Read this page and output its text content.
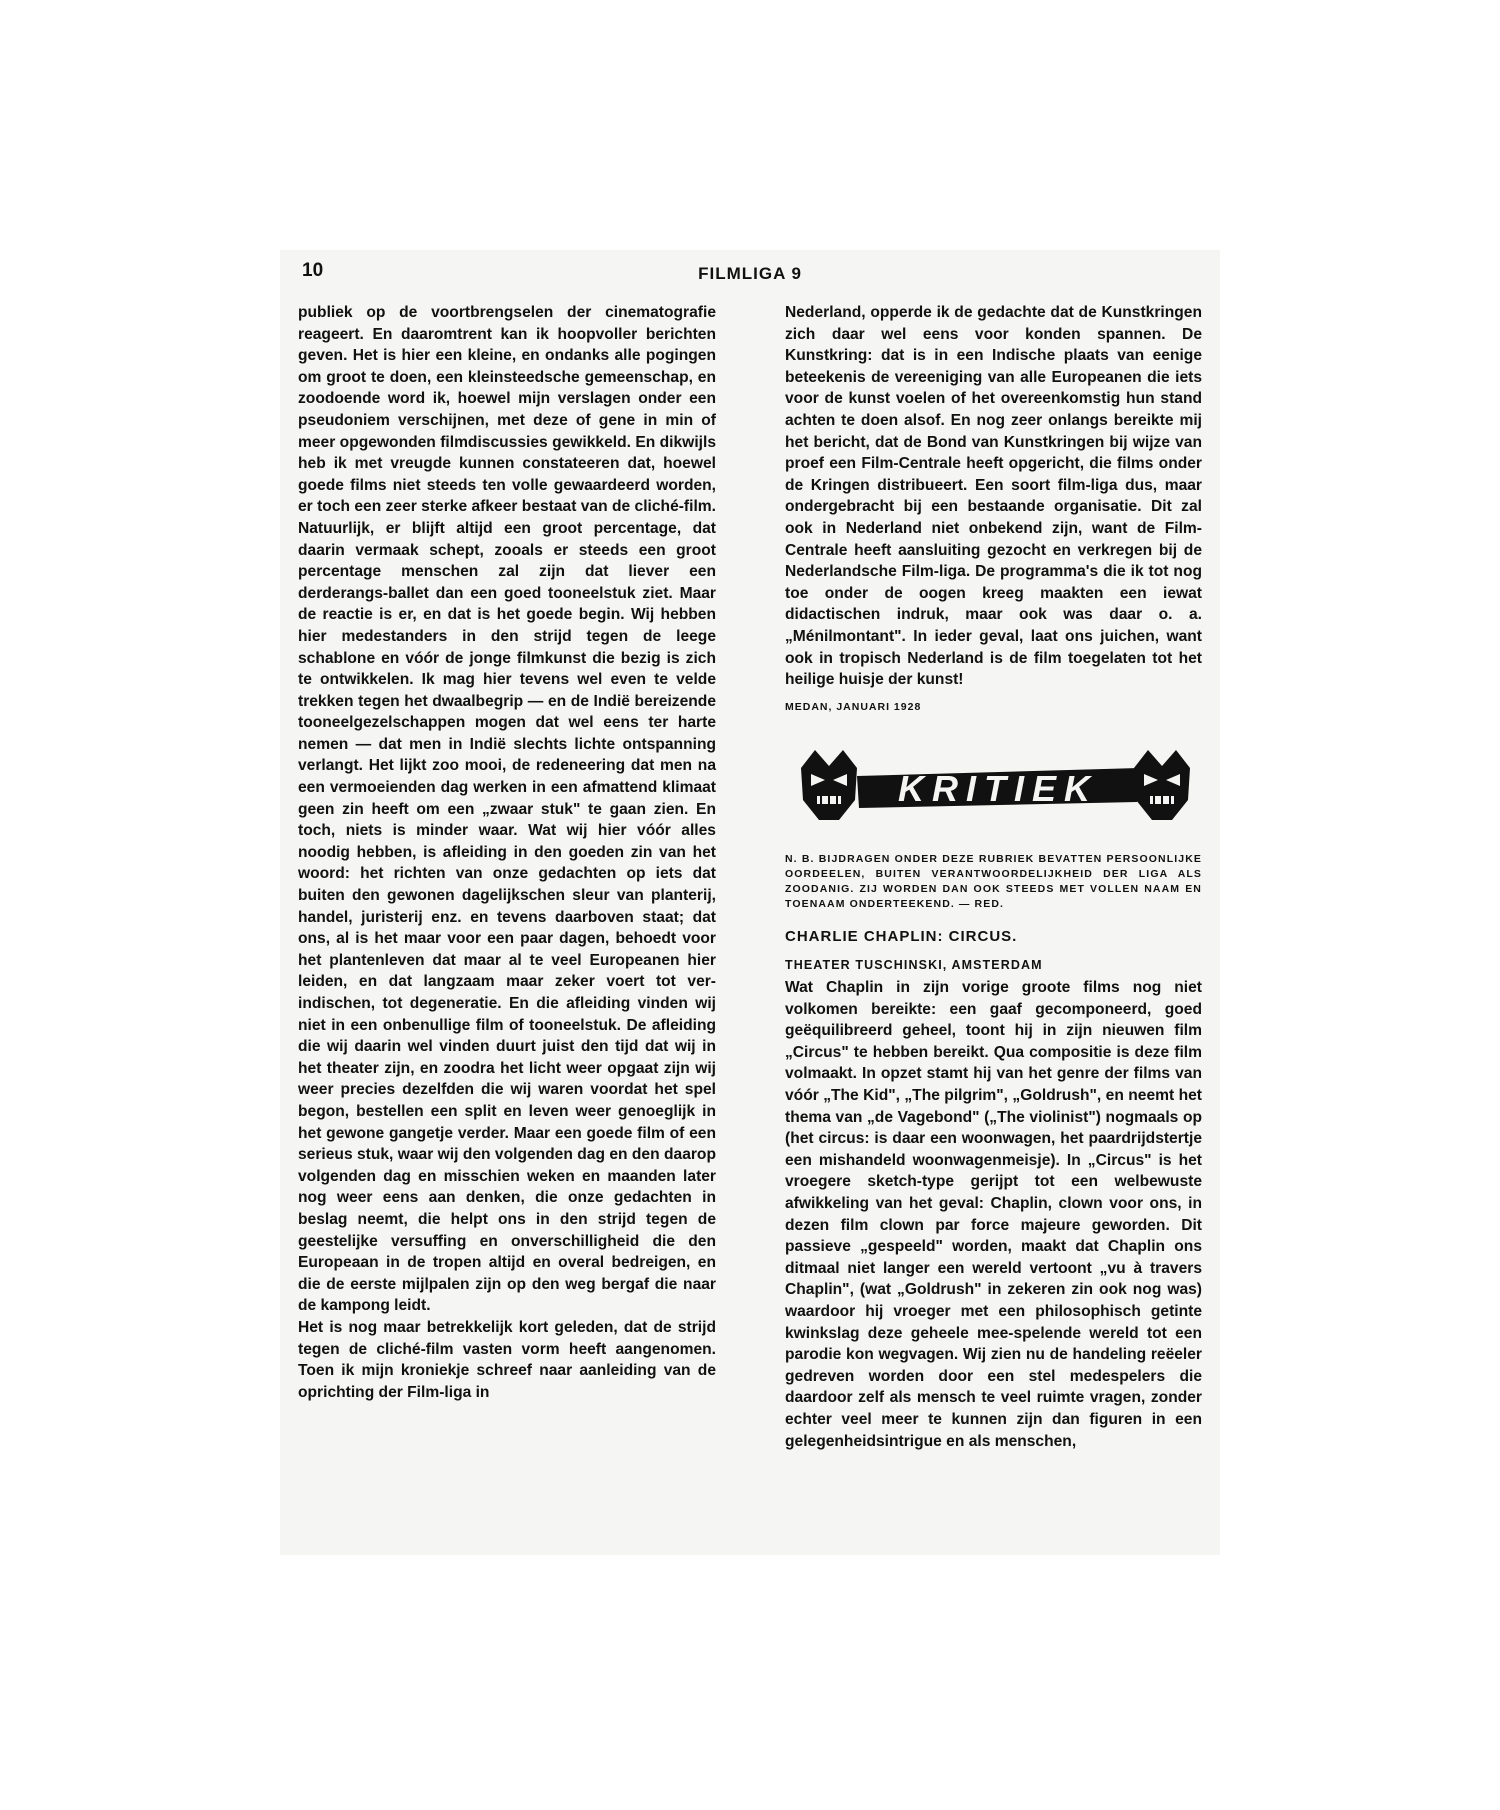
10	FILMLIGA 9

publiek op de voortbrengselen der cinematografie reageert. En daaromtrent kan ik hoopvoller berichten geven. Het is hier een kleine, en ondanks alle pogingen om groot te doen, een kleinsteedsche gemeenschap, en zoodoende word ik, hoewel mijn verslagen onder een pseudoniem verschijnen, met deze of gene in min of meer opgewonden filmdiscussies gewikkeld. En dikwijls heb ik met vreugde kunnen constateeren dat, hoewel goede films niet steeds ten volle gewaardeerd worden, er toch een zeer sterke afkeer bestaat van de cliché-film. Natuurlijk, er blijft altijd een groot percentage, dat daarin vermaak schept, zooals er steeds een groot percentage menschen zal zijn dat liever een derderangs-ballet dan een goed tooneelstuk ziet. Maar de reactie is er, en dat is het goede begin. Wij hebben hier medestanders in den strijd tegen de leege schablone en vóór de jonge filmkunst die bezig is zich te ontwikkelen. Ik mag hier tevens wel even te velde trekken tegen het dwaalbegrip — en de Indië bereizende tooneelgezelschappen mogen dat wel eens ter harte nemen — dat men in Indië slechts lichte ontspanning verlangt. Het lijkt zoo mooi, de redeneering dat men na een vermoeienden dag werken in een afmattend klimaat geen zin heeft om een „zwaar stuk" te gaan zien. En toch, niets is minder waar. Wat wij hier vóór alles noodig hebben, is afleiding in den goeden zin van het woord: het richten van onze gedachten op iets dat buiten den gewonen dagelijkschen sleur van planterij, handel, juristerij enz. en tevens daarboven staat; dat ons, al is het maar voor een paar dagen, behoedt voor het plantenleven dat maar al te veel Europeanen hier leiden, en dat langzaam maar zeker voert tot ver-indischen, tot degeneratie. En die afleiding vinden wij niet in een onbenullige film of tooneelstuk. De afleiding die wij daarin wel vinden duurt juist den tijd dat wij in het theater zijn, en zoodra het licht weer opgaat zijn wij weer precies dezelfden die wij waren voordat het spel begon, bestellen een split en leven weer genoeglijk in het gewone gangetje verder. Maar een goede film of een serieus stuk, waar wij den volgenden dag en den daarop volgenden dag en misschien weken en maanden later nog weer eens aan denken, die onze gedachten in beslag neemt, die helpt ons in den strijd tegen de geestelijke versuffing en onverschilligheid die den Europeaan in de tropen altijd en overal bedreigen, en die de eerste mijlpalen zijn op den weg bergaf die naar de kampong leidt.

Het is nog maar betrekkelijk kort geleden, dat de strijd tegen de cliché-film vasten vorm heeft aangenomen. Toen ik mijn kroniekje schreef naar aanleiding van de oprichting der Film-liga in

Nederland, opperde ik de gedachte dat de Kunstkringen zich daar wel eens voor konden spannen. De Kunstkring: dat is in een Indische plaats van eenige beteekenis de vereeniging van alle Europeanen die iets voor de kunst voelen of het overeenkomstig hun stand achten te doen alsof. En nog zeer onlangs bereikte mij het bericht, dat de Bond van Kunstkringen bij wijze van proef een Film-Centrale heeft opgericht, die films onder de Kringen distribueert. Een soort film-liga dus, maar ondergebracht bij een bestaande organisatie. Dit zal ook in Nederland niet onbekend zijn, want de Film-Centrale heeft aansluiting gezocht en verkregen bij de Nederlandsche Film-liga. De programma's die ik tot nog toe onder de oogen kreeg maakten een iewat didactischen indruk, maar ook was daar o. a. „Ménilmontant". In ieder geval, laat ons juichen, want ook in tropisch Nederland is de film toegelaten tot het heilige huisje der kunst!

MEDAN, JANUARI 1928
KRITIEK
N. B. BIJDRAGEN ONDER DEZE RUBRIEK BEVATTEN PERSOONLIJKE OORDEELEN, BUITEN VERANTWOORDELIJKHEID DER LIGA ALS ZOODANIG. ZIJ WORDEN DAN OOK STEEDS MET VOLLEN NAAM EN TOENAAM ONDERTEEKEND. — RED.
CHARLIE CHAPLIN: CIRCUS.
THEATER TUSCHINSKI, AMSTERDAM

Wat Chaplin in zijn vorige groote films nog niet volkomen bereikte: een gaaf gecomponeerd, goed geëquilibreerd geheel, toont hij in zijn nieuwen film „Circus" te hebben bereikt. Qua compositie is deze film volmaakt. In opzet stamt hij van het genre der films van vóór „The Kid", „The pilgrim", „Goldrush", en neemt het thema van „de Vagebond" („The violinist") nogmaals op (het circus: is daar een woonwagen, het paardrijdstertje een mishandeld woonwagenmeisje). In „Circus" is het vroegere sketch-type gerijpt tot een welbewuste afwikkeling van het geval: Chaplin, clown voor ons, in dezen film clown par force majeure geworden. Dit passieve „gespeeld" worden, maakt dat Chaplin ons ditmaal niet langer een wereld vertoont „vu à travers Chaplin", (wat „Goldrush" in zekeren zin ook nog was) waardoor hij vroeger met een philosophisch getinte kwinkslag deze geheele mee-spelende wereld tot een parodie kon wegvagen. Wij zien nu de handeling reëeler gedreven worden door een stel medespelers die daardoor zelf als mensch te veel ruimte vragen, zonder echter veel meer te kunnen zijn dan figuren in een gelegenheidsintrigue en als menschen,
